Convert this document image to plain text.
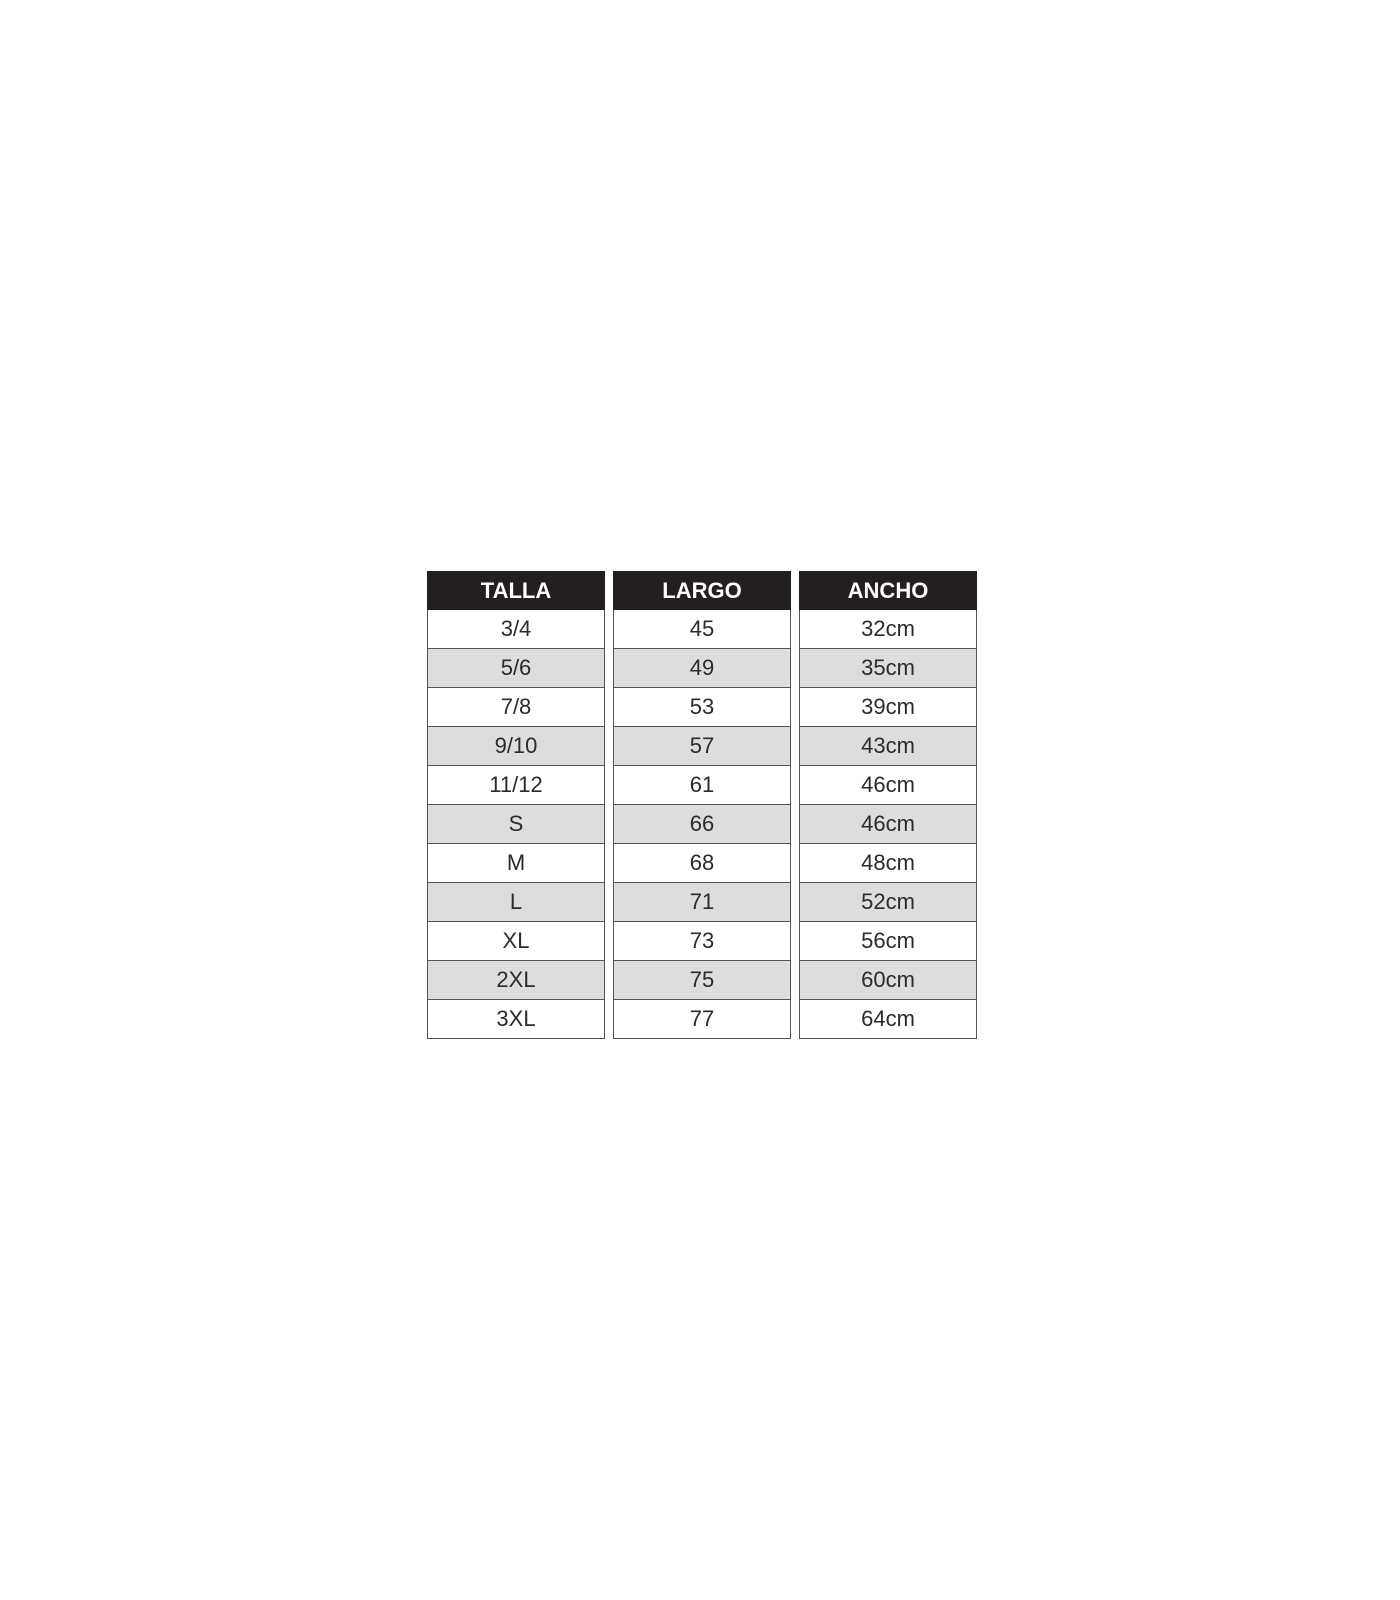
TALLA
3/4
5/6
7/8
9/10
11/12
S
M
L
XL
2XL
3XL
LARGO
45
49
53
57
61
66
68
71
73
75
77
ANCHO
32cm
35cm
39cm
43cm
46cm
46cm
48cm
52cm
56cm
60cm
64cm
